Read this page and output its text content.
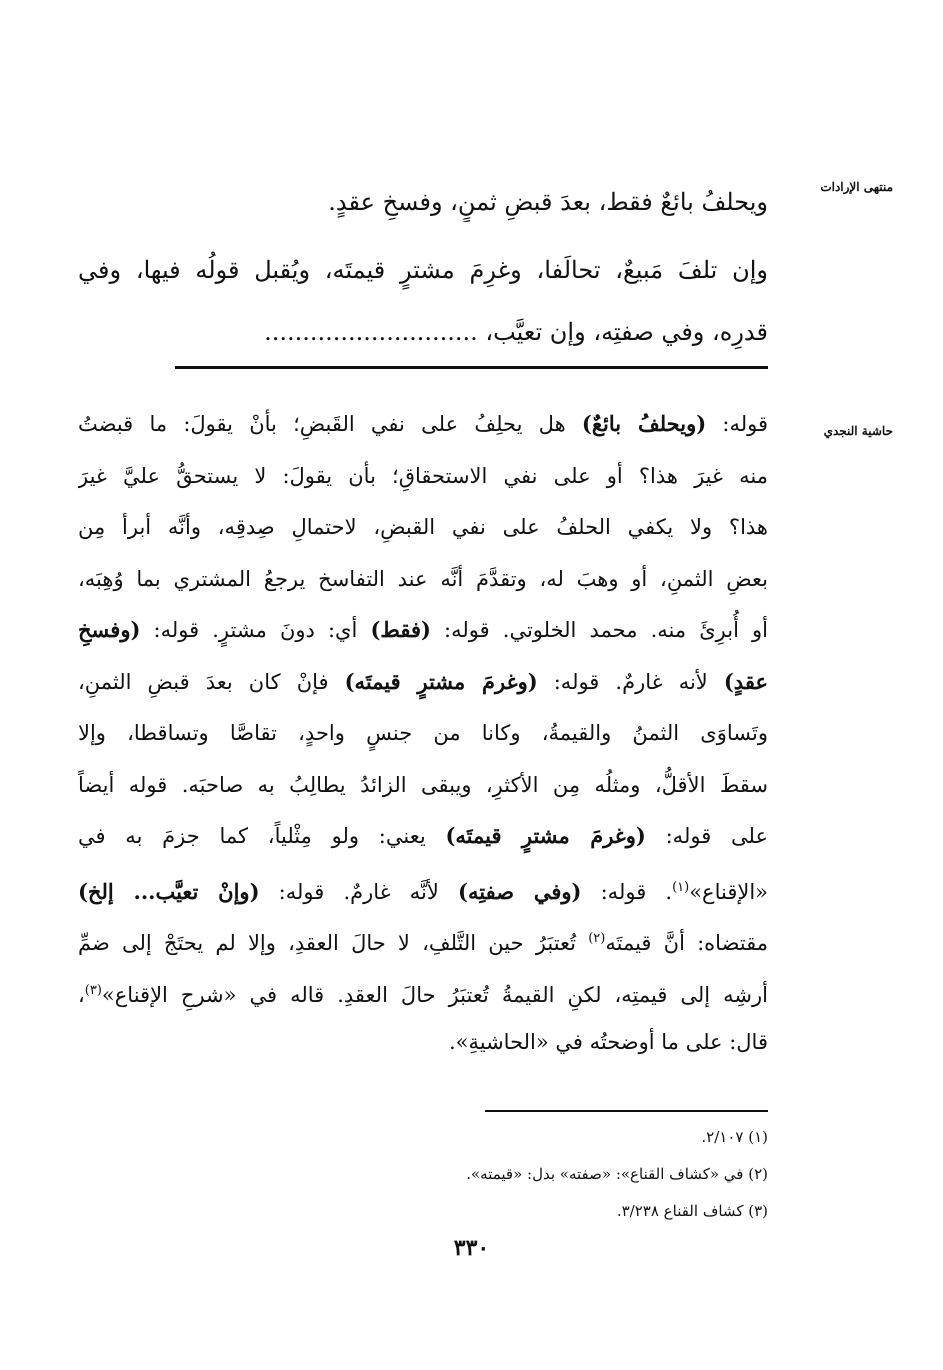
منتهى الإرادات
ويحلفُ بائعٌ فقط، بعدَ قبضِ ثمنٍ، وفسخِ عقدٍ.
وإن تلفَ مَبيعٌ، تحالَفا، وغرِمَ مشترٍ قيمتَه، ويُقبل قولُه فيها، وفي
قدرِه، وفي صفتِه، وإن تعيَّب، ............................
حاشية النجدي
قوله: (ويحلفُ بائعٌ) هل يحلِفُ على نفي القَبضِ؛ بأنْ يقولَ: ما قبضتُ
منه غيرَ هذا؟ أو على نفي الاستحقاقِ؛ بأن يقولَ: لا يستحقُّ عليَّ غيرَ
هذا؟ ولا يكفي الحلفُ على نفي القبضِ، لاحتمالِ صِدقِه، وأنَّه أبرأ مِن
بعضِ الثمنِ، أو وهبَ له، وتقدَّمَ أنَّه عند التفاسخ يرجعُ المشتري بما وُهِبَه،
أو أُبرِئَ منه. محمد الخلوتي. قوله: (فقط) أي: دونَ مشترٍ. قوله: (وفسخِ
عقدٍ) لأنه غارمٌ. قوله: (وغرمَ مشترٍ قيمتَه) فإنْ كان بعدَ قبضِ الثمنِ،
وتَساوَى الثمنُ والقيمةُ، وكانا من جنسٍ واحدٍ، تقاصَّا وتساقطا، وإلا
سقطَ الأقلُّ، ومثلُه مِن الأكثرِ، ويبقى الزائدُ يطالِبُ به صاحبَه. قوله أيضاً
على قوله: (وغرمَ مشترٍ قيمتَه) يعني: ولو مِثْلياً، كما جزمَ به في
«الإقناع»$^{(١)}$. قوله: (وفي صفتِه) لأنَّه غارمٌ. قوله: (وإنْ تعيَّب... إلخ)
مقتضاه: أنَّ قيمتَه$^{(٢)}$ تُعتبَرُ حين التَّلفِ، لا حالَ العقدِ، وإلا لم يحتَجْ إلى ضمِّ
أرشِه إلى قيمتِه، لكنِ القيمةُ تُعتبَرُ حالَ العقدِ. قاله في «شرحِ الإقناع»$^{(٣)}$،
قال: على ما أوضحتُه في «الحاشيةِ».
(١) ٢/١٠٧.
(٢) في «كشاف القناع»: «صفته» بدل: «قيمته».
(٣) كشاف القناع ٣/٢٣٨.
٣٣٠
